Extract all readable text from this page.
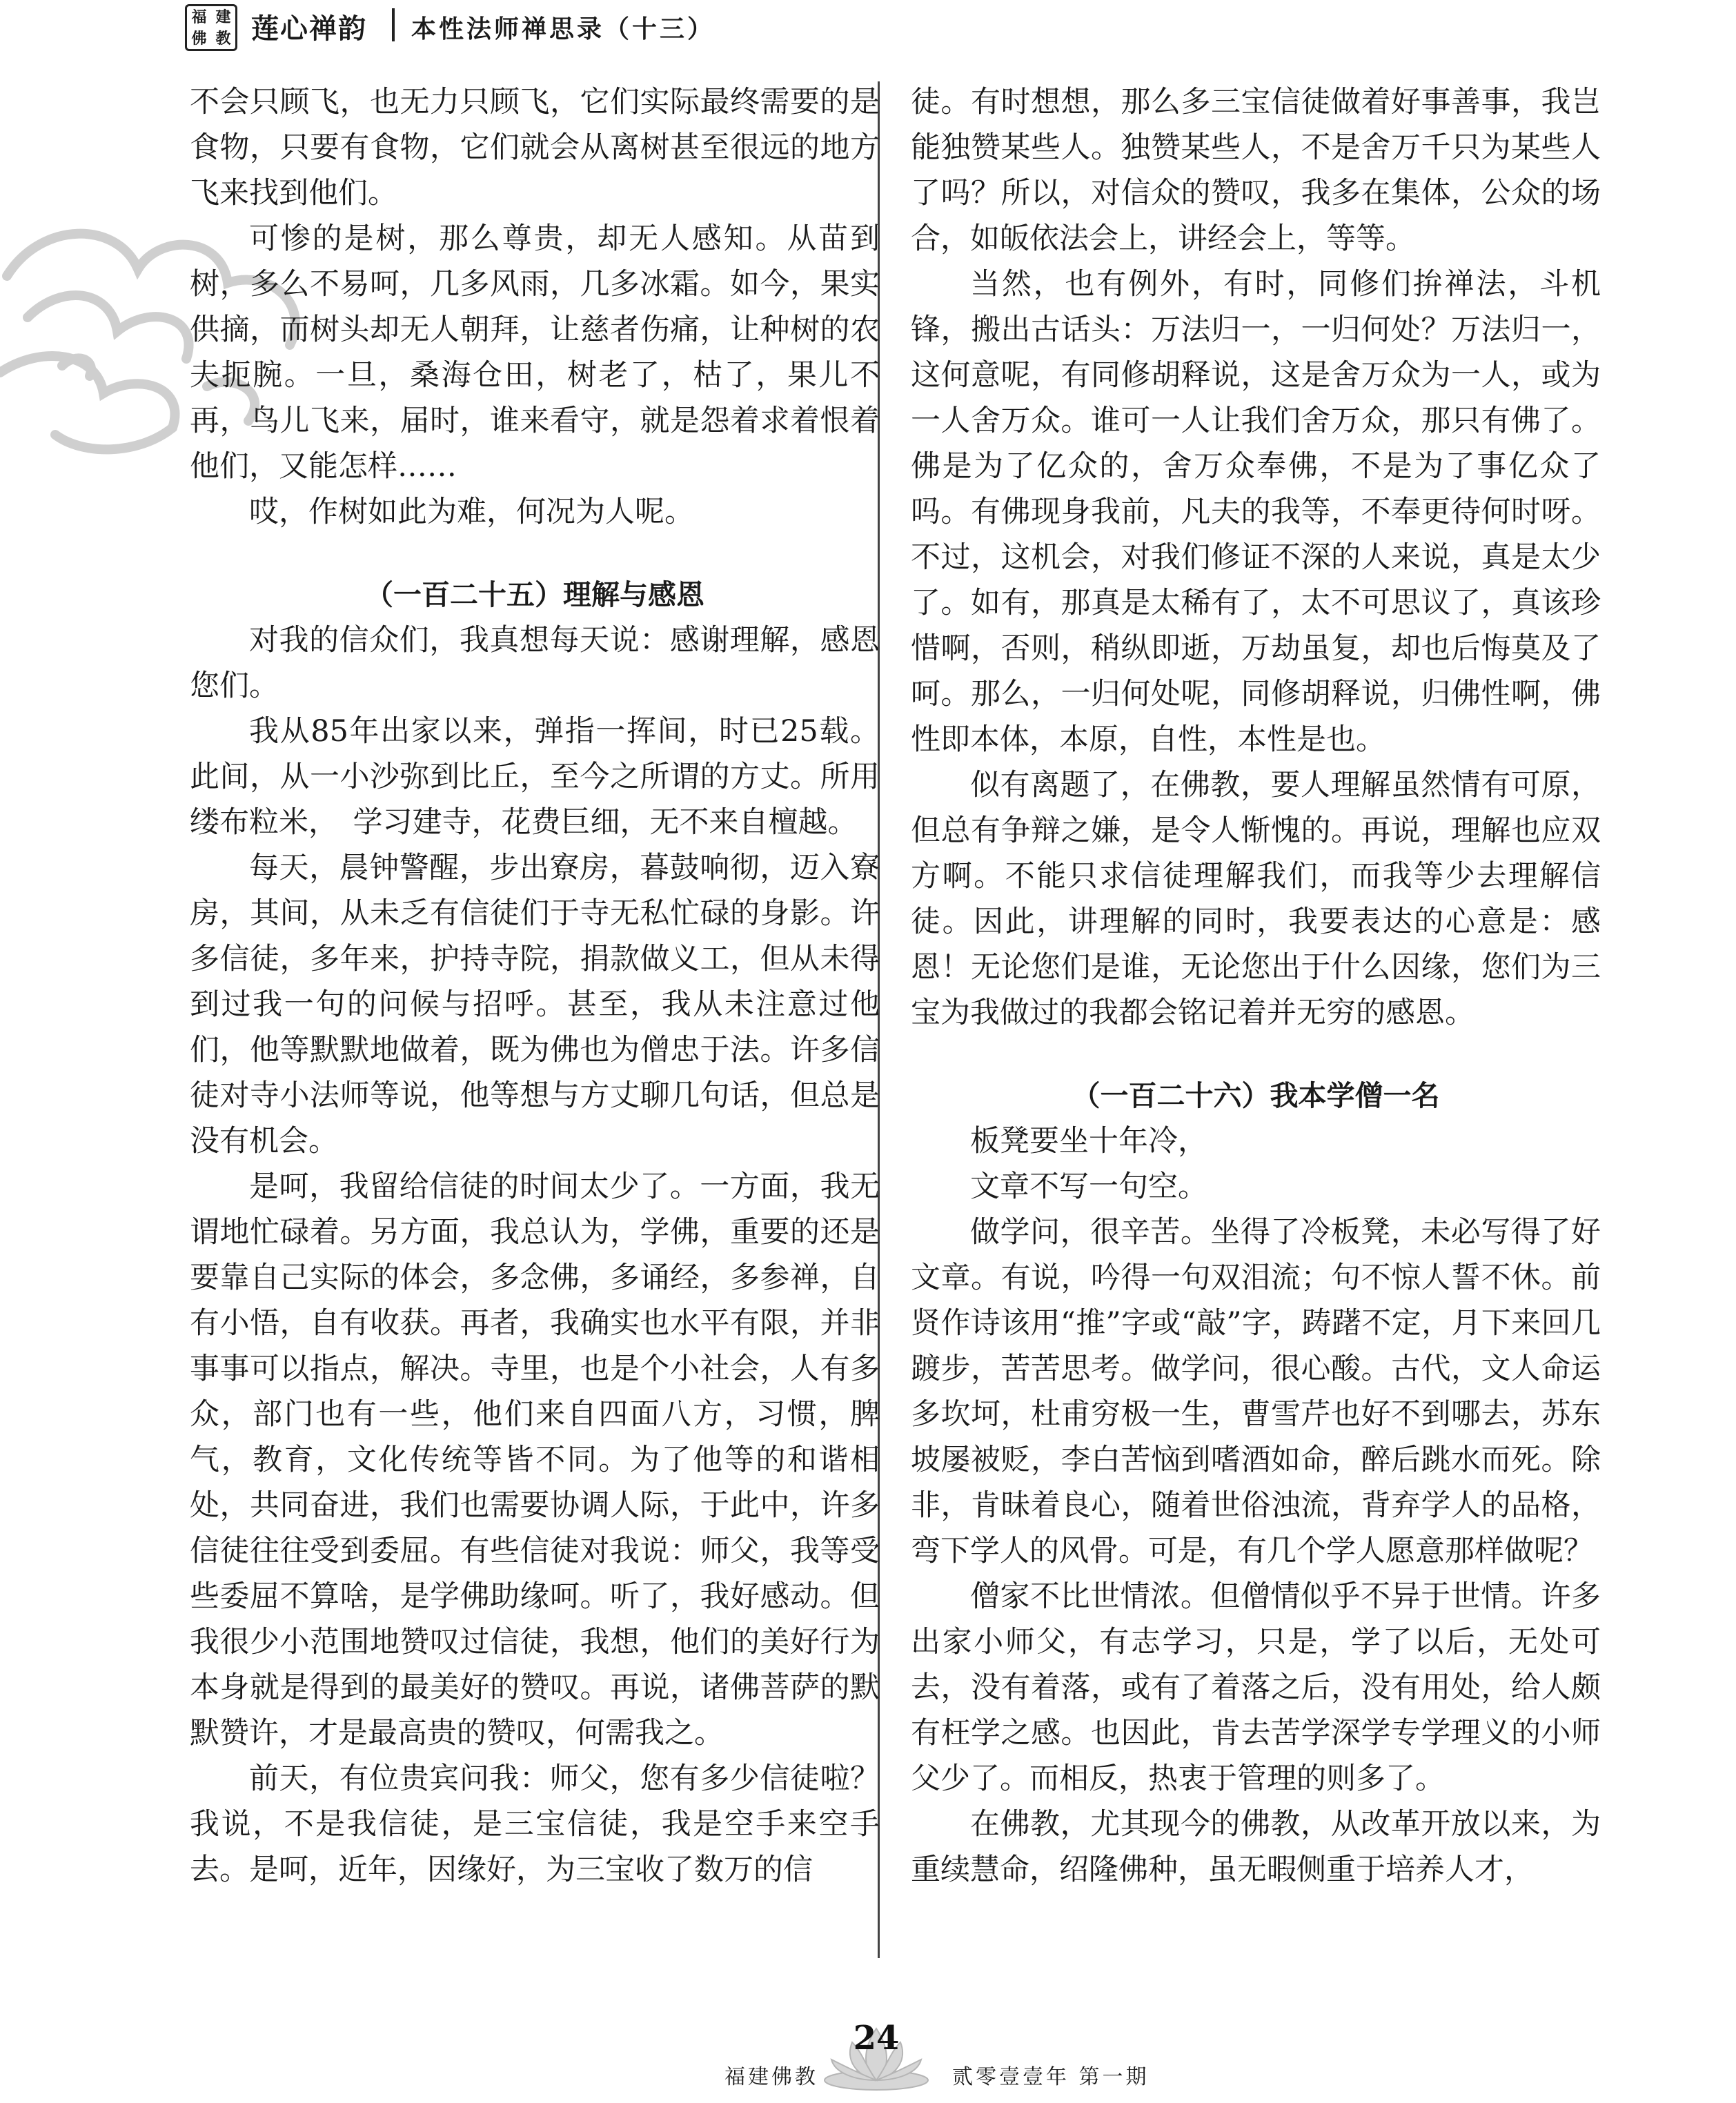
福 建
佛 教 莲心禅韵 本性法师禅思录（十三）

不会只顾飞，也无力只顾飞，它们实际最终需要的是食物，只要有食物，它们就会从离树甚至很远的地方飞来找到他们。

可惨的是树，那么尊贵，却无人感知。从苗到树，多么不易呵，几多风雨，几多冰霜。如今，果实供摘，而树头却无人朝拜，让慈者伤痛，让种树的农夫扼腕。一旦，桑海仓田，树老了，枯了，果儿不再，鸟儿飞来，届时，谁来看守，就是怨着求着恨着他们，又能怎样……

哎，作树如此为难，何况为人呢。

（一百二十五）理解与感恩

对我的信众们，我真想每天说：感谢理解，感恩您们。

我从85年出家以来，弹指一挥间，时已25载。此间，从一小沙弥到比丘，至今之所谓的方丈。所用缕布粒米，　学习建寺，花费巨细，无不来自檀越。

每天，晨钟警醒，步出寮房，暮鼓响彻，迈入寮房，其间，从未乏有信徒们于寺无私忙碌的身影。许多信徒，多年来，护持寺院，捐款做义工，但从未得到过我一句的问候与招呼。甚至，我从未注意过他们，他等默默地做着，既为佛也为僧忠于法。许多信徒对寺小法师等说，他等想与方丈聊几句话，但总是没有机会。

是呵，我留给信徒的时间太少了。一方面，我无谓地忙碌着。另方面，我总认为，学佛，重要的还是要靠自己实际的体会，多念佛，多诵经，多参禅，自有小悟，自有收获。再者，我确实也水平有限，并非事事可以指点，解决。寺里，也是个小社会，人有多众，部门也有一些，他们来自四面八方，习惯，脾气，教育，文化传统等皆不同。为了他等的和谐相处，共同奋进，我们也需要协调人际，于此中，许多信徒往往受到委屈。有些信徒对我说：师父，我等受些委屈不算啥，是学佛助缘呵。听了，我好感动。但我很少小范围地赞叹过信徒，我想，他们的美好行为本身就是得到的最美好的赞叹。再说，诸佛菩萨的默默赞许，才是最高贵的赞叹，何需我之。

前天，有位贵宾问我：师父，您有多少信徒啦？我说，不是我信徒，是三宝信徒，我是空手来空手去。是呵，近年，因缘好，为三宝收了数万的信

徒。有时想想，那么多三宝信徒做着好事善事，我岂能独赞某些人。独赞某些人，不是舍万千只为某些人了吗？所以，对信众的赞叹，我多在集体，公众的场合，如皈依法会上，讲经会上，等等。

当然，也有例外，有时，同修们拚禅法，斗机锋，搬出古话头：万法归一，一归何处？万法归一，这何意呢，有同修胡释说，这是舍万众为一人，或为一人舍万众。谁可一人让我们舍万众，那只有佛了。佛是为了亿众的，舍万众奉佛，不是为了事亿众了吗。有佛现身我前，凡夫的我等，不奉更待何时呀。不过，这机会，对我们修证不深的人来说，真是太少了。如有，那真是太稀有了，太不可思议了，真该珍惜啊，否则，稍纵即逝，万劫虽复，却也后悔莫及了呵。那么，一归何处呢，同修胡释说，归佛性啊，佛性即本体，本原，自性，本性是也。

似有离题了，在佛教，要人理解虽然情有可原，但总有争辩之嫌，是令人惭愧的。再说，理解也应双方啊。不能只求信徒理解我们，而我等少去理解信徒。因此，讲理解的同时，我要表达的心意是：感恩！无论您们是谁，无论您出于什么因缘，您们为三宝为我做过的我都会铭记着并无穷的感恩。

（一百二十六）我本学僧一名

板凳要坐十年冷，

文章不写一句空。

做学问，很辛苦。坐得了冷板凳，未必写得了好文章。有说，吟得一句双泪流；句不惊人誓不休。前贤作诗该用“推”字或“敲”字，踌躇不定，月下来回几踱步，苦苦思考。做学问，很心酸。古代，文人命运多坎坷，杜甫穷极一生，曹雪芹也好不到哪去，苏东坡屡被贬，李白苦恼到嗜酒如命，醉后跳水而死。除非，肯昧着良心，随着世俗浊流，背弃学人的品格，弯下学人的风骨。可是，有几个学人愿意那样做呢？

僧家不比世情浓。但僧情似乎不异于世情。许多出家小师父，有志学习，只是，学了以后，无处可去，没有着落，或有了着落之后，没有用处，给人颇有枉学之感。也因此，肯去苦学深学专学理义的小师父少了。而相反，热衷于管理的则多了。

在佛教，尤其现今的佛教，从改革开放以来，为重续慧命，绍隆佛种，虽无暇侧重于培养人才，

福建佛教
24
贰零壹壹年 第一期
